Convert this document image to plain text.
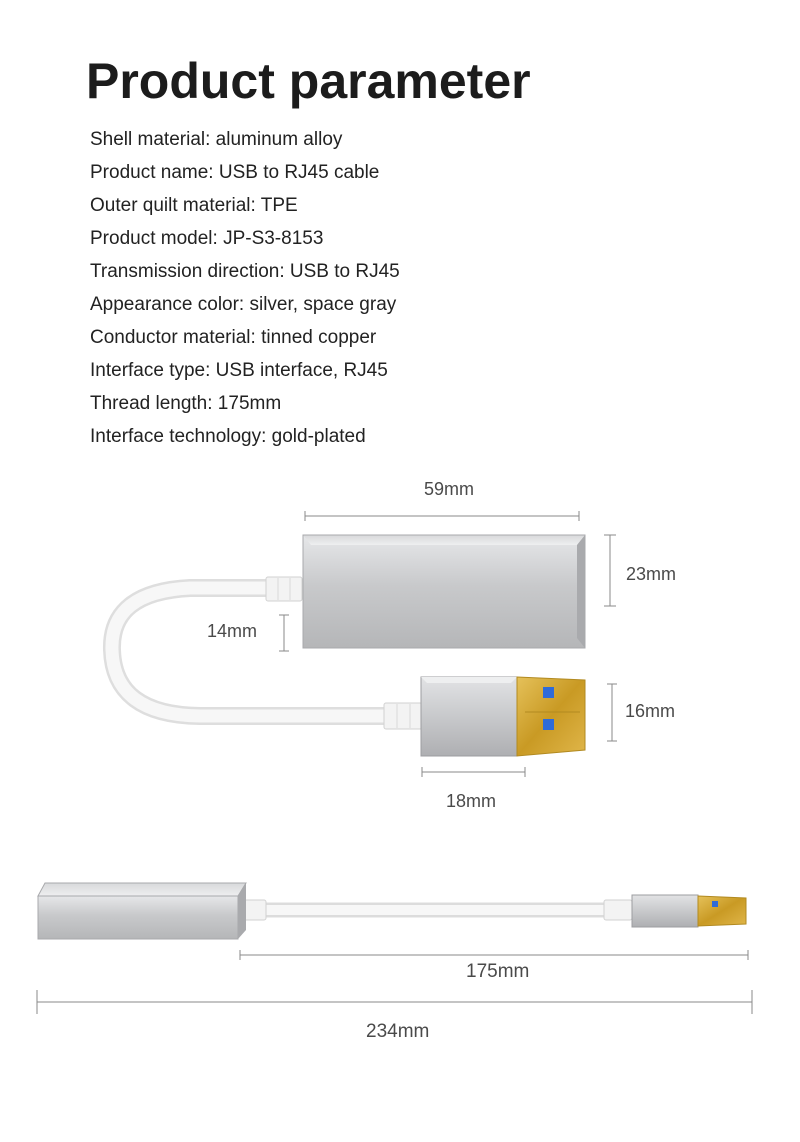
Product parameter
Shell material: aluminum alloy
Product name: USB to RJ45 cable
Outer quilt material: TPE
Product model: JP-S3-8153
Transmission direction: USB to RJ45
Appearance color: silver, space gray
Conductor material: tinned copper
Interface type: USB interface, RJ45
Thread length: 175mm
Interface technology: gold-plated
59mm
23mm
14mm
16mm
18mm
175mm
234mm
